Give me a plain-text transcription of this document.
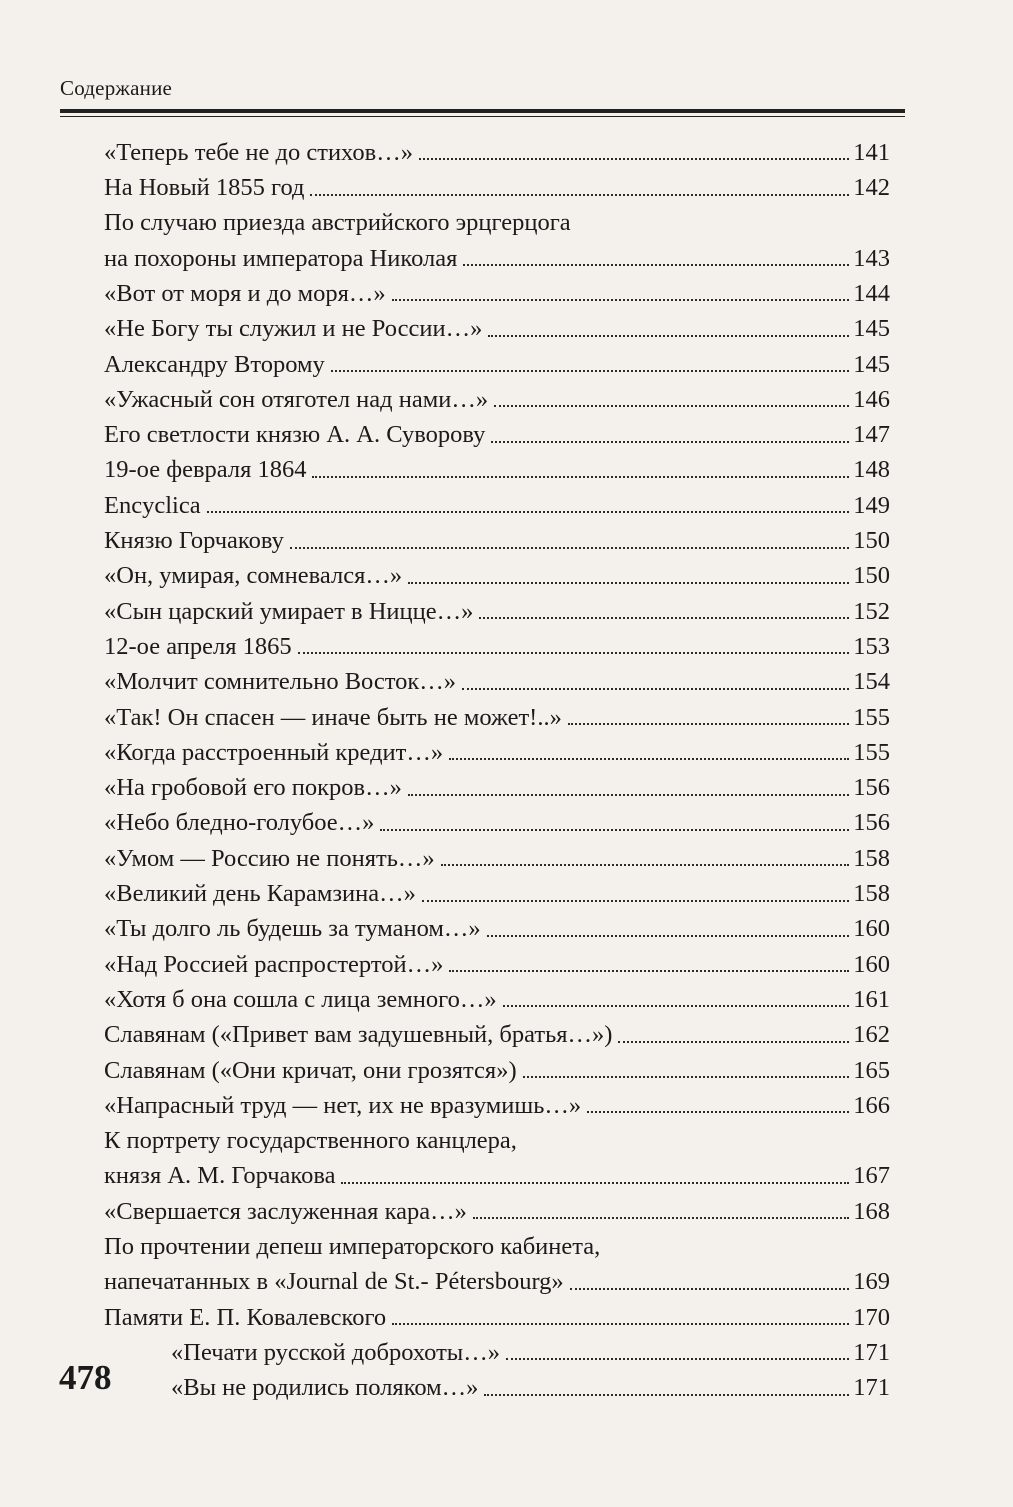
Содержание
«Теперь тебе не до стихов…»	141
На Новый 1855 год	142
По случаю приезда австрийского эрцгерцога
на похороны императора Николая	143
«Вот от моря и до моря…»	144
«Не Богу ты служил и не России…»	145
Александру Второму	145
«Ужасный сон отяготел над нами…»	146
Его светлости князю А. А. Суворову	147
19-ое февраля 1864	148
Encyclica	149
Князю Горчакову	150
«Он, умирая, сомневался…»	150
«Сын царский умирает в Ницце…»	152
12-ое апреля 1865	153
«Молчит сомнительно Восток…»	154
«Так! Он спасен — иначе быть не может!..»	155
«Когда расстроенный кредит…»	155
«На гробовой его покров…»	156
«Небо бледно-голубое…»	156
«Умом — Россию не понять…»	158
«Великий день Карамзина…»	158
«Ты долго ль будешь за туманом…»	160
«Над Россией распростертой…»	160
«Хотя б она сошла с лица земного…»	161
Славянам («Привет вам задушевный, братья…»)	162
Славянам («Они кричат, они грозятся»)	165
«Напрасный труд — нет, их не вразумишь…»	166
К портрету государственного канцлера,
князя А. М. Горчакова	167
«Свершается заслуженная кара…»	168
По прочтении депеш императорского кабинета,
напечатанных в «Journal de St.- Pétersbourg»	169
Памяти Е. П. Ковалевского	170
«Печати русской доброхоты…»	171
«Вы не родились поляком…»	171
478
